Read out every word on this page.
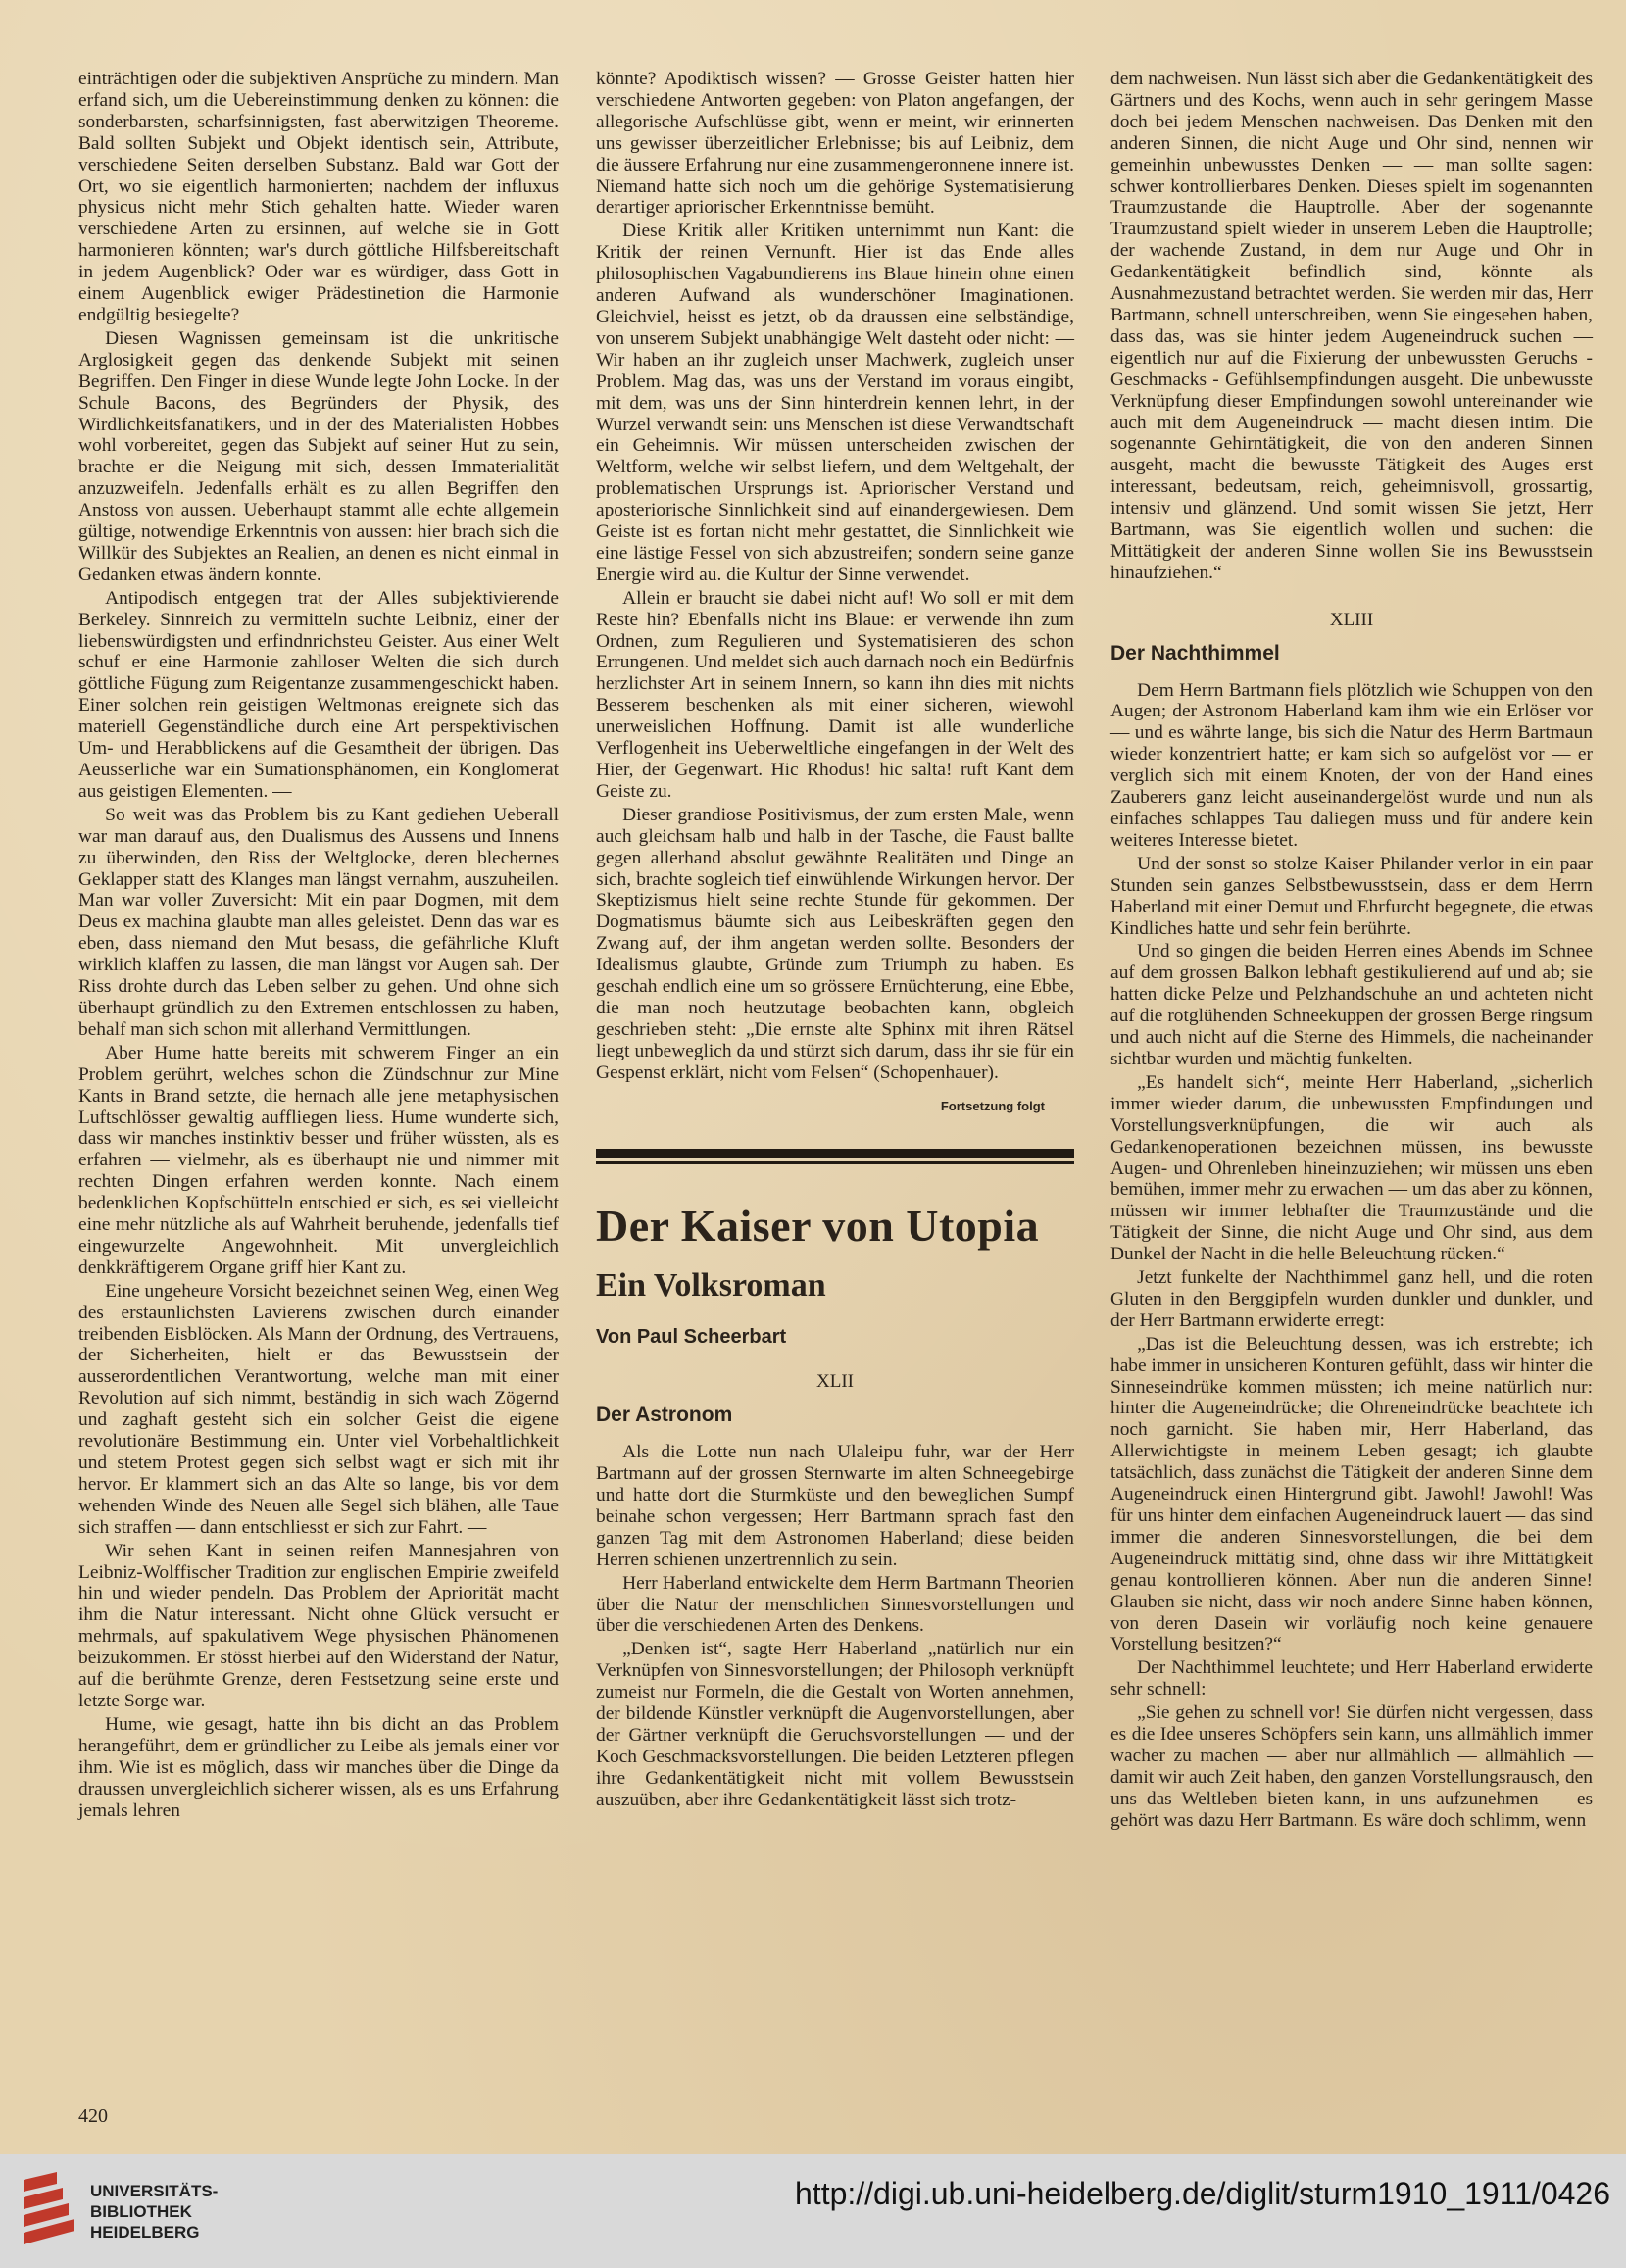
einträchtigen oder die subjektiven Ansprüche zu mindern. Man erfand sich, um die Uebereinstimmung denken zu können: die sonderbarsten, scharfsinnigsten, fast aberwitzigen Theoreme. Bald sollten Subjekt und Objekt identisch sein, Attribute, verschiedene Seiten derselben Substanz. Bald war Gott der Ort, wo sie eigentlich harmonierten; nachdem der influxus physicus nicht mehr Stich gehalten hatte. Wieder waren verschiedene Arten zu ersinnen, auf welche sie in Gott harmonieren könnten; war's durch göttliche Hilfsbereitschaft in jedem Augenblick? Oder war es würdiger, dass Gott in einem Augenblick ewiger Prädestinetion die Harmonie endgültig besiegelte?

Diesen Wagnissen gemeinsam ist die unkritische Arglosigkeit gegen das denkende Subjekt mit seinen Begriffen. Den Finger in diese Wunde legte John Locke. In der Schule Bacons, des Begründers der Physik, des Wirdlichkeitsfanatikers, und in der des Materialisten Hobbes wohl vorbereitet, gegen das Subjekt auf seiner Hut zu sein, brachte er die Neigung mit sich, dessen Immaterialität anzuzweifeln. Jedenfalls erhält es zu allen Begriffen den Anstoss von aussen. Ueberhaupt stammt alle echte allgemein gültige, notwendige Erkenntnis von aussen: hier brach sich die Willkür des Subjektes an Realien, an denen es nicht einmal in Gedanken etwas ändern konnte.

Antipodisch entgegen trat der Alles subjektivierende Berkeley. Sinnreich zu vermitteln suchte Leibniz, einer der liebenswürdigsten und erfindnrichsteu Geister. Aus einer Welt schuf er eine Harmonie zahlloser Welten die sich durch göttliche Fügung zum Reigentanze zusammengeschickt haben. Einer solchen rein geistigen Weltmonas ereignete sich das materiell Gegenständliche durch eine Art perspektivischen Um- und Herabblickens auf die Gesamtheit der übrigen. Das Aeusserliche war ein Sumationsphänomen, ein Konglomerat aus geistigen Elementen. —

So weit was das Problem bis zu Kant gediehen Ueberall war man darauf aus, den Dualismus des Aussens und Innens zu überwinden, den Riss der Weltglocke, deren blechernes Geklapper statt des Klanges man längst vernahm, auszuheilen. Man war voller Zuversicht: Mit ein paar Dogmen, mit dem Deus ex machina glaubte man alles geleistet. Denn das war es eben, dass niemand den Mut besass, die gefährliche Kluft wirklich klaffen zu lassen, die man längst vor Augen sah. Der Riss drohte durch das Leben selber zu gehen. Und ohne sich überhaupt gründlich zu den Extremen entschlossen zu haben, behalf man sich schon mit allerhand Vermittlungen.

Aber Hume hatte bereits mit schwerem Finger an ein Problem gerührt, welches schon die Zündschnur zur Mine Kants in Brand setzte, die hernach alle jene metaphysischen Luftschlösser gewaltig auffliegen liess. Hume wunderte sich, dass wir manches instinktiv besser und früher wüssten, als es erfahren — vielmehr, als es überhaupt nie und nimmer mit rechten Dingen erfahren werden konnte. Nach einem bedenklichen Kopfschütteln entschied er sich, es sei vielleicht eine mehr nützliche als auf Wahrheit beruhende, jedenfalls tief eingewurzelte Angewohnheit. Mit unvergleichlich denkkräftigerem Organe griff hier Kant zu.

Eine ungeheure Vorsicht bezeichnet seinen Weg, einen Weg des erstaunlichsten Lavierens zwischen durch einander treibenden Eisblöcken. Als Mann der Ordnung, des Vertrauens, der Sicherheiten, hielt er das Bewusstsein der ausserordentlichen Verantwortung, welche man mit einer Revolution auf sich nimmt, beständig in sich wach Zögernd und zaghaft gesteht sich ein solcher Geist die eigene revolutionäre Bestimmung ein. Unter viel Vorbehaltlichkeit und stetem Protest gegen sich selbst wagt er sich mit ihr hervor. Er klammert sich an das Alte so lange, bis vor dem wehenden Winde des Neuen alle Segel sich blähen, alle Taue sich straffen — dann entschliesst er sich zur Fahrt. —

Wir sehen Kant in seinen reifen Mannesjahren von Leibniz-Wolffischer Tradition zur englischen Empirie zweifeld hin und wieder pendeln. Das Problem der Apriorität macht ihm die Natur interessant. Nicht ohne Glück versucht er mehrmals, auf spakulativem Wege physischen Phänomenen beizukommen. Er stösst hierbei auf den Widerstand der Natur, auf die berühmte Grenze, deren Festsetzung seine erste und letzte Sorge war.

Hume, wie gesagt, hatte ihn bis dicht an das Problem herangeführt, dem er gründlicher zu Leibe als jemals einer vor ihm. Wie ist es möglich, dass wir manches über die Dinge da draussen unvergleichlich sicherer wissen, als es uns Erfahrung jemals lehren

könnte? Apodiktisch wissen? — Grosse Geister hatten hier verschiedene Antworten gegeben: von Platon angefangen, der allegorische Aufschlüsse gibt, wenn er meint, wir erinnerten uns gewisser überzeitlicher Erlebnisse; bis auf Leibniz, dem die äussere Erfahrung nur eine zusammengeronnene innere ist. Niemand hatte sich noch um die gehörige Systematisierung derartiger apriorischer Erkenntnisse bemüht.

Diese Kritik aller Kritiken unternimmt nun Kant: die Kritik der reinen Vernunft. Hier ist das Ende alles philosophischen Vagabundierens ins Blaue hinein ohne einen anderen Aufwand als wunderschöner Imaginationen. Gleichviel, heisst es jetzt, ob da draussen eine selbständige, von unserem Subjekt unabhängige Welt dasteht oder nicht: — Wir haben an ihr zugleich unser Machwerk, zugleich unser Problem. Mag das, was uns der Verstand im voraus eingibt, mit dem, was uns der Sinn hinterdrein kennen lehrt, in der Wurzel verwandt sein: uns Menschen ist diese Verwandtschaft ein Geheimnis. Wir müssen unterscheiden zwischen der Weltform, welche wir selbst liefern, und dem Weltgehalt, der problematischen Ursprungs ist. Apriorischer Verstand und aposteriorische Sinnlichkeit sind auf einandergewiesen. Dem Geiste ist es fortan nicht mehr gestattet, die Sinnlichkeit wie eine lästige Fessel von sich abzustreifen; sondern seine ganze Energie wird au. die Kultur der Sinne verwendet.

Allein er braucht sie dabei nicht auf! Wo soll er mit dem Reste hin? Ebenfalls nicht ins Blaue: er verwende ihn zum Ordnen, zum Regulieren und Systematisieren des schon Errungenen. Und meldet sich auch darnach noch ein Bedürfnis herzlichster Art in seinem Innern, so kann ihn dies mit nichts Besserem beschenken als mit einer sicheren, wiewohl unerweislichen Hoffnung. Damit ist alle wunderliche Verflogenheit ins Ueberweltliche eingefangen in der Welt des Hier, der Gegenwart. Hic Rhodus! hic salta! ruft Kant dem Geiste zu.

Dieser grandiose Positivismus, der zum ersten Male, wenn auch gleichsam halb und halb in der Tasche, die Faust ballte gegen allerhand absolut gewähnte Realitäten und Dinge an sich, brachte sogleich tief einwühlende Wirkungen hervor. Der Skeptizismus hielt seine rechte Stunde für gekommen. Der Dogmatismus bäumte sich aus Leibeskräften gegen den Zwang auf, der ihm angetan werden sollte. Besonders der Idealismus glaubte, Gründe zum Triumph zu haben. Es geschah endlich eine um so grössere Ernüchterung, eine Ebbe, die man noch heutzutage beobachten kann, obgleich geschrieben steht: „Die ernste alte Sphinx mit ihren Rätsel liegt unbeweglich da und stürzt sich darum, dass ihr sie für ein Gespenst erklärt, nicht vom Felsen“ (Schopenhauer).

Fortsetzung folgt
Der Kaiser von Utopia
Ein Volksroman
Von Paul Scheerbart
XLII
Der Astronom

Als die Lotte nun nach Ulaleipu fuhr, war der Herr Bartmann auf der grossen Sternwarte im alten Schneegebirge und hatte dort die Sturmküste und den beweglichen Sumpf beinahe schon vergessen; Herr Bartmann sprach fast den ganzen Tag mit dem Astronomen Haberland; diese beiden Herren schienen unzertrennlich zu sein.

Herr Haberland entwickelte dem Herrn Bartmann Theorien über die Natur der menschlichen Sinnesvorstellungen und über die verschiedenen Arten des Denkens.

„Denken ist“, sagte Herr Haberland „natürlich nur ein Verknüpfen von Sinnesvorstellungen; der Philosoph verknüpft zumeist nur Formeln, die die Gestalt von Worten annehmen, der bildende Künstler verknüpft die Augenvorstellungen, aber der Gärtner verknüpft die Geruchsvorstellungen — und der Koch Geschmacksvorstellungen. Die beiden Letzteren pflegen ihre Gedankentätigkeit nicht mit vollem Bewusstsein auszuüben, aber ihre Gedankentätigkeit lässt sich trotz-

dem nachweisen. Nun lässt sich aber die Gedankentätigkeit des Gärtners und des Kochs, wenn auch in sehr geringem Masse doch bei jedem Menschen nachweisen. Das Denken mit den anderen Sinnen, die nicht Auge und Ohr sind, nennen wir gemeinhin unbewusstes Denken — — man sollte sagen: schwer kontrollierbares Denken. Dieses spielt im sogenannten Traumzustande die Hauptrolle. Aber der sogenannte Traumzustand spielt wieder in unserem Leben die Hauptrolle; der wachende Zustand, in dem nur Auge und Ohr in Gedankentätigkeit befindlich sind, könnte als Ausnahmezustand betrachtet werden. Sie werden mir das, Herr Bartmann, schnell unterschreiben, wenn Sie eingesehen haben, dass das, was sie hinter jedem Augeneindruck suchen — eigentlich nur auf die Fixierung der unbewussten Geruchs - Geschmacks - Gefühlsempfindungen ausgeht. Die unbewusste Verknüpfung dieser Empfindungen sowohl untereinander wie auch mit dem Augeneindruck — macht diesen intim. Die sogenannte Gehirntätigkeit, die von den anderen Sinnen ausgeht, macht die bewusste Tätigkeit des Auges erst interessant, bedeutsam, reich, geheimnisvoll, grossartig, intensiv und glänzend. Und somit wissen Sie jetzt, Herr Bartmann, was Sie eigentlich wollen und suchen: die Mittätigkeit der anderen Sinne wollen Sie ins Bewusstsein hinaufziehen.“

XLIII
Der Nachthimmel

Dem Herrn Bartmann fiels plötzlich wie Schuppen von den Augen; der Astronom Haberland kam ihm wie ein Erlöser vor — und es währte lange, bis sich die Natur des Herrn Bartmaun wieder konzentriert hatte; er kam sich so aufgelöst vor — er verglich sich mit einem Knoten, der von der Hand eines Zauberers ganz leicht auseinandergelöst wurde und nun als einfaches schlappes Tau daliegen muss und für andere kein weiteres Interesse bietet.

Und der sonst so stolze Kaiser Philander verlor in ein paar Stunden sein ganzes Selbstbewusstsein, dass er dem Herrn Haberland mit einer Demut und Ehrfurcht begegnete, die etwas Kindliches hatte und sehr fein berührte.

Und so gingen die beiden Herren eines Abends im Schnee auf dem grossen Balkon lebhaft gestikulierend auf und ab; sie hatten dicke Pelze und Pelzhandschuhe an und achteten nicht auf die rotglühenden Schneekuppen der grossen Berge ringsum und auch nicht auf die Sterne des Himmels, die nacheinander sichtbar wurden und mächtig funkelten.

„Es handelt sich“, meinte Herr Haberland, „sicherlich immer wieder darum, die unbewussten Empfindungen und Vorstellungsverknüpfungen, die wir auch als Gedankenoperationen bezeichnen müssen, ins bewusste Augen- und Ohrenleben hineinzuziehen; wir müssen uns eben bemühen, immer mehr zu erwachen — um das aber zu können, müssen wir immer lebhafter die Traumzustände und die Tätigkeit der Sinne, die nicht Auge und Ohr sind, aus dem Dunkel der Nacht in die helle Beleuchtung rücken.“

Jetzt funkelte der Nachthimmel ganz hell, und die roten Gluten in den Berggipfeln wurden dunkler und dunkler, und der Herr Bartmann erwiderte erregt:

„Das ist die Beleuchtung dessen, was ich erstrebte; ich habe immer in unsicheren Konturen gefühlt, dass wir hinter die Sinneseindrüke kommen müssten; ich meine natürlich nur: hinter die Augeneindrücke; die Ohreneindrücke beachtete ich noch garnicht. Sie haben mir, Herr Haberland, das Allerwichtigste in meinem Leben gesagt; ich glaubte tatsächlich, dass zunächst die Tätigkeit der anderen Sinne dem Augeneindruck einen Hintergrund gibt. Jawohl! Jawohl! Was für uns hinter dem einfachen Augeneindruck lauert — das sind immer die anderen Sinnesvorstellungen, die bei dem Augeneindruck mittätig sind, ohne dass wir ihre Mittätigkeit genau kontrollieren können. Aber nun die anderen Sinne! Glauben sie nicht, dass wir noch andere Sinne haben können, von deren Dasein wir vorläufig noch keine genauere Vorstellung besitzen?“

Der Nachthimmel leuchtete; und Herr Haberland erwiderte sehr schnell:

„Sie gehen zu schnell vor! Sie dürfen nicht vergessen, dass es die Idee unseres Schöpfers sein kann, uns allmählich immer wacher zu machen — aber nur allmählich — allmählich — damit wir auch Zeit haben, den ganzen Vorstellungsrausch, den uns das Weltleben bieten kann, in uns aufzunehmen — es gehört was dazu Herr Bartmann. Es wäre doch schlimm, wenn

420
UNIVERSITÄTS-
BIBLIOTHEK
HEIDELBERG
http://digi.ub.uni-heidelberg.de/diglit/sturm1910_1911/0426
